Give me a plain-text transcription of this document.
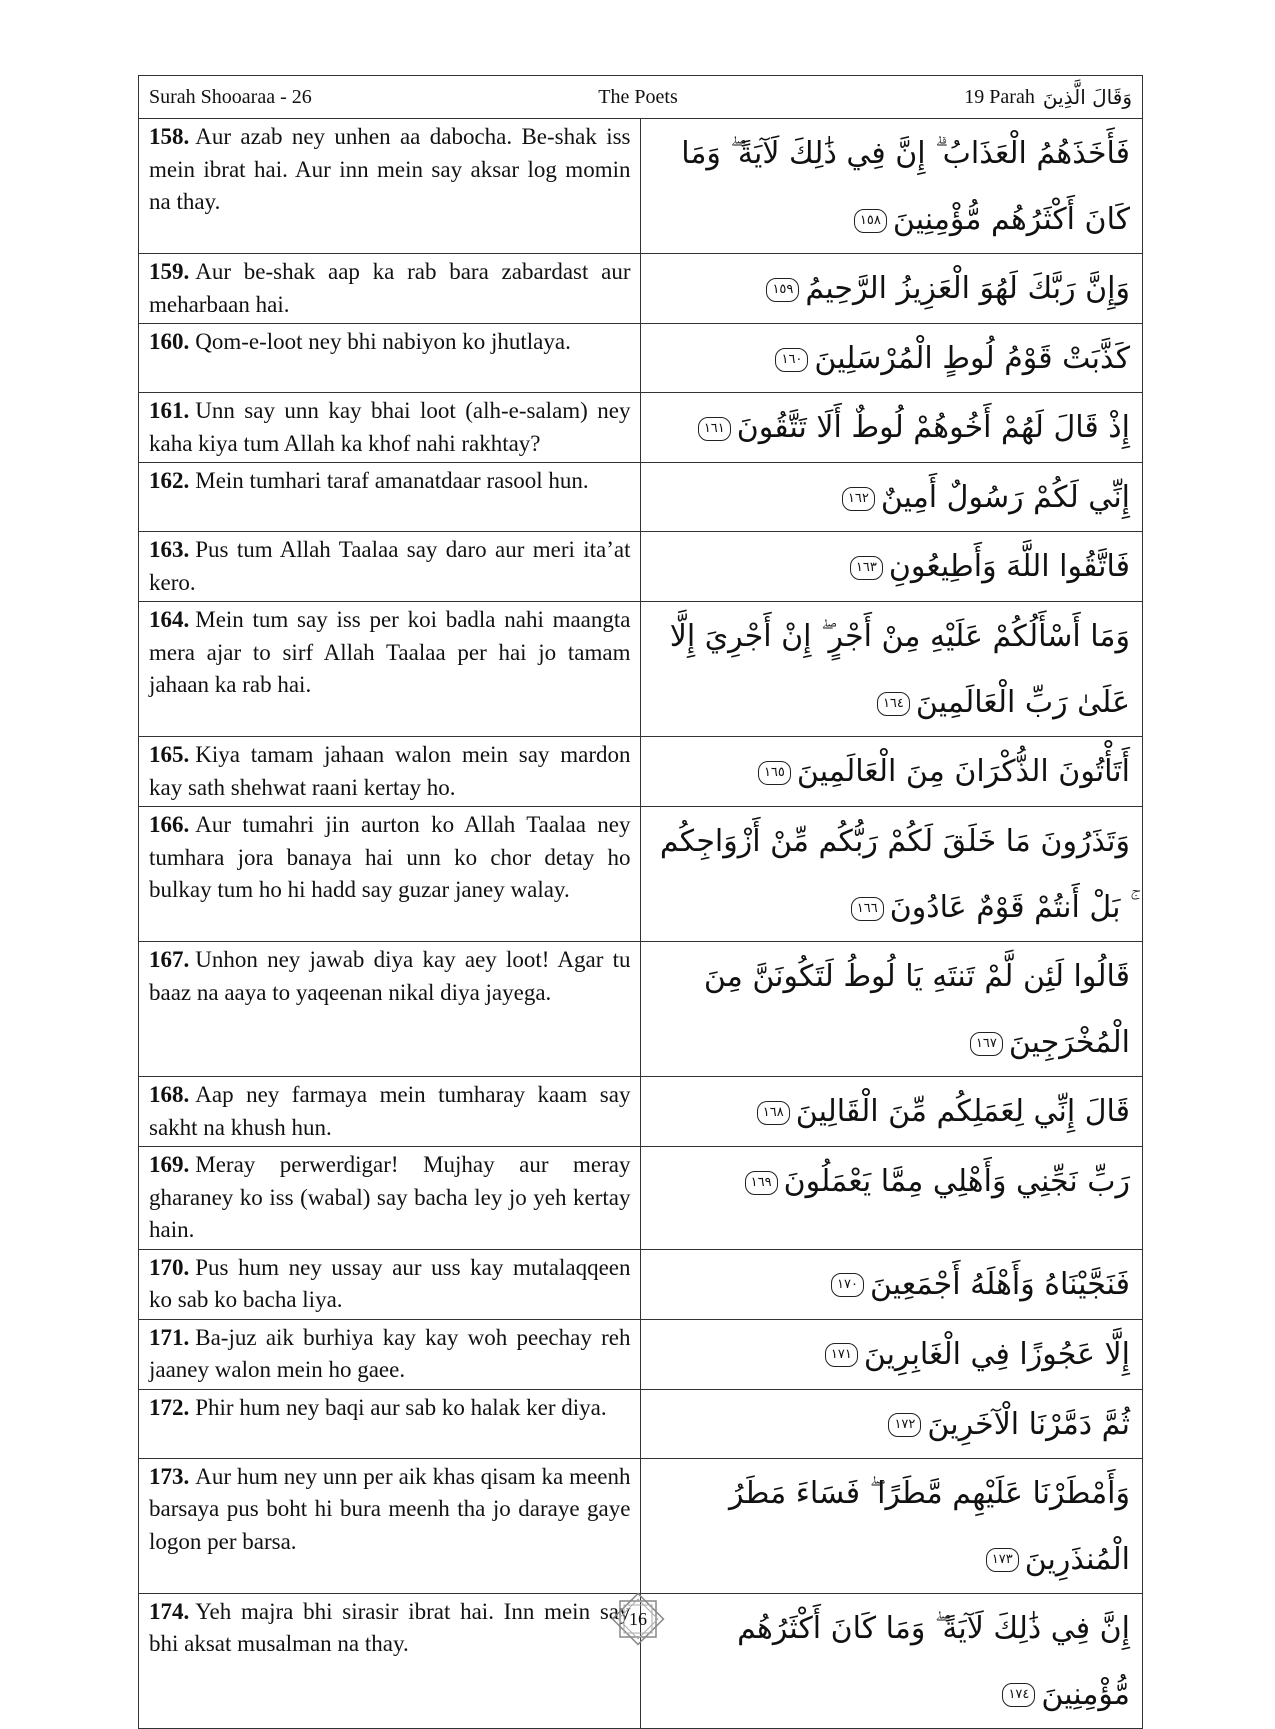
Surah Shooaraa - 26 The Poets 19 Parah وَقَالَ الَّذِينَ	

158. Aur azab ney unhen aa dabocha. Be-shak iss mein ibrat hai. Aur inn mein say aksar log momin na thay.	فَأَخَذَهُمُ الْعَذَابُ ۗ إِنَّ فِي ذَٰلِكَ لَآيَةً ۖ وَمَا كَانَ أَكْثَرُهُم مُّؤْمِنِينَ١٥٨

159. Aur be-shak aap ka rab bara zabardast aur meharbaan hai.	وَإِنَّ رَبَّكَ لَهُوَ الْعَزِيزُ الرَّحِيمُ١٥٩

160. Qom-e-loot ney bhi nabiyon ko jhutlaya.	كَذَّبَتْ قَوْمُ لُوطٍ الْمُرْسَلِينَ١٦٠

161. Unn say unn kay bhai loot (alh-e-salam) ney kaha kiya tum Allah ka khof nahi rakhtay?	إِذْ قَالَ لَهُمْ أَخُوهُمْ لُوطٌ أَلَا تَتَّقُونَ١٦١

162. Mein tumhari taraf amanatdaar rasool hun.	إِنِّي لَكُمْ رَسُولٌ أَمِينٌ١٦٢

163. Pus tum Allah Taalaa say daro aur meri ita’at kero.	فَاتَّقُوا اللَّهَ وَأَطِيعُونِ١٦٣

164. Mein tum say iss per koi badla nahi maangta mera ajar to sirf Allah Taalaa per hai jo tamam jahaan ka rab hai.	وَمَا أَسْأَلُكُمْ عَلَيْهِ مِنْ أَجْرٍ ۖ إِنْ أَجْرِيَ إِلَّا عَلَىٰ رَبِّ الْعَالَمِينَ١٦٤

165. Kiya tamam jahaan walon mein say mardon kay sath shehwat raani kertay ho.	أَتَأْتُونَ الذُّكْرَانَ مِنَ الْعَالَمِينَ١٦٥

166. Aur tumahri jin aurton ko Allah Taalaa ney tumhara jora banaya hai unn ko chor detay ho bulkay tum ho hi hadd say guzar janey walay.	وَتَذَرُونَ مَا خَلَقَ لَكُمْ رَبُّكُم مِّنْ أَزْوَاجِكُم ۚ بَلْ أَنتُمْ قَوْمٌ عَادُونَ١٦٦

167. Unhon ney jawab diya kay aey loot! Agar tu baaz na aaya to yaqeenan nikal diya jayega.	قَالُوا لَئِن لَّمْ تَنتَهِ يَا لُوطُ لَتَكُونَنَّ مِنَ الْمُخْرَجِينَ١٦٧

168. Aap ney farmaya mein tumharay kaam say sakht na khush hun.	قَالَ إِنِّي لِعَمَلِكُم مِّنَ الْقَالِينَ١٦٨

169. Meray perwerdigar! Mujhay aur meray gharaney ko iss (wabal) say bacha ley jo yeh kertay hain.	رَبِّ نَجِّنِي وَأَهْلِي مِمَّا يَعْمَلُونَ١٦٩

170. Pus hum ney ussay aur uss kay mutalaqqeen ko sab ko bacha liya.	فَنَجَّيْنَاهُ وَأَهْلَهُ أَجْمَعِينَ١٧٠

171. Ba-juz aik burhiya kay kay woh peechay reh jaaney walon mein ho gaee.	إِلَّا عَجُوزًا فِي الْغَابِرِينَ١٧١

172. Phir hum ney baqi aur sab ko halak ker diya.	ثُمَّ دَمَّرْنَا الْآخَرِينَ١٧٢

173. Aur hum ney unn per aik khas qisam ka meenh barsaya pus boht hi bura meenh tha jo daraye gaye logon per barsa.	وَأَمْطَرْنَا عَلَيْهِم مَّطَرًا ۖ فَسَاءَ مَطَرُ الْمُنذَرِينَ١٧٣

174. Yeh majra bhi sirasir ibrat hai. Inn mein say bhi aksat musalman na thay.	إِنَّ فِي ذَٰلِكَ لَآيَةً ۖ وَمَا كَانَ أَكْثَرُهُم مُّؤْمِنِينَ١٧٤
16
